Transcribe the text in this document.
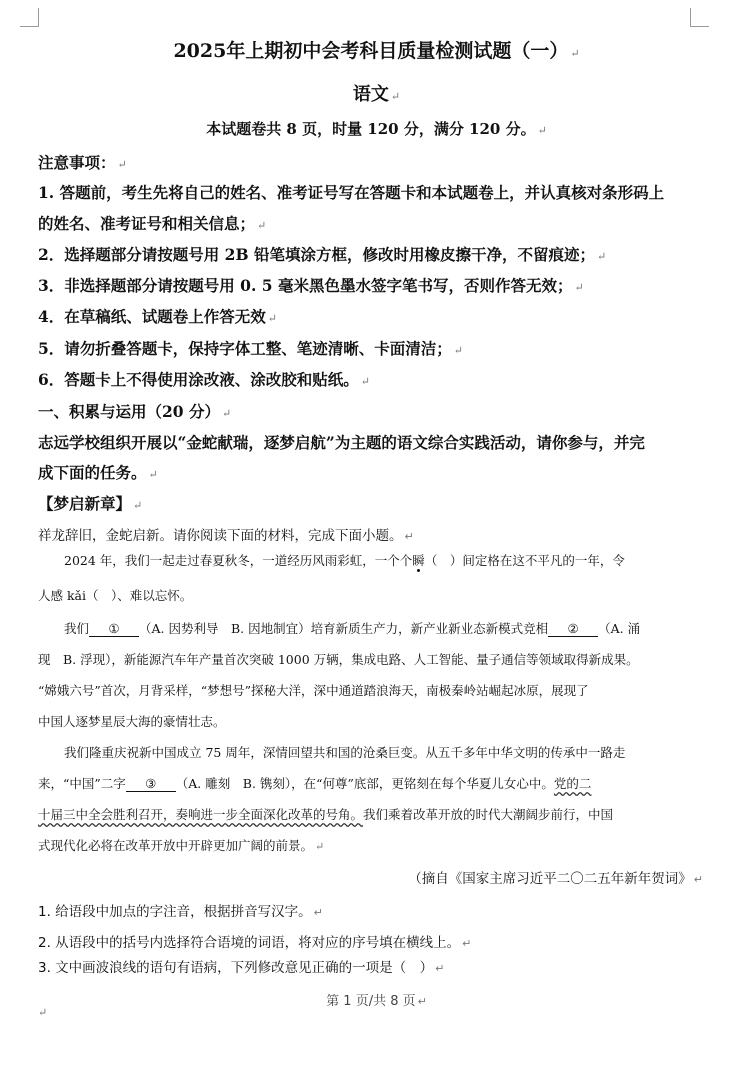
2025年上期初中会考科目质量检测试题（一） ↵
语文 ↵
本试题卷共 8 页，时量 120 分，满分 120 分。 ↵
注意事项： ↵
1. 答题前，考生先将自己的姓名、准考证号写在答题卡和本试题卷上，并认真核对条形码上
的姓名、准考证号和相关信息； ↵
2．选择题部分请按题号用 2B 铅笔填涂方框，修改时用橡皮擦干净，不留痕迹； ↵
3．非选择题部分请按题号用 0. 5 毫米黑色墨水签字笔书写，否则作答无效； ↵
4．在草稿纸、试题卷上作答无效 ↵
5．请勿折叠答题卡，保持字体工整、笔迹清晰、卡面清洁； ↵
6．答题卡上不得使用涂改液、涂改胶和贴纸。 ↵
一、积累与运用（20 分） ↵
志远学校组织开展以“金蛇献瑞，逐梦启航”为主题的语文综合实践活动，请你参与，并完
成下面的任务。 ↵
【梦启新章】 ↵
祥龙辞旧，金蛇启新。请你阅读下面的材料，完成下面小题。 ↵
2024 年，我们一起走过春夏秋冬，一道经历风雨彩虹，一个个瞬（　）间定格在这不平凡的一年，令
人感 kǎi（　）、难以忘怀。
我们 ① （A. 因势利导　B. 因地制宜）培育新质生产力，新产业新业态新模式竞相 ② （A. 涌
现　B. 浮现），新能源汽车年产量首次突破 1000 万辆，集成电路、人工智能、量子通信等领域取得新成果。
“嫦娥六号”首次，月背采样，“梦想号”探秘大洋，深中通道踏浪海天，南极秦岭站崛起冰原，展现了
中国人逐梦星辰大海的豪情壮志。
我们隆重庆祝新中国成立 75 周年，深情回望共和国的沧桑巨变。从五千多年中华文明的传承中一路走
来，“中国”二字 ③ （A. 雕刻　B. 镌刻），在“何尊”底部，更铭刻在每个华夏儿女心中。党的二
十届三中全会胜利召开，奏响进一步全面深化改革的号角。我们乘着改革开放的时代大潮阔步前行，中国
式现代化必将在改革开放中开辟更加广阔的前景。 ↵
（摘自《国家主席习近平二〇二五年新年贺词》 ↵
1. 给语段中加点的字注音，根据拼音写汉字。 ↵
2. 从语段中的括号内选择符合语境的词语，将对应的序号填在横线上。 ↵
3. 文中画波浪线的语句有语病，下列修改意见正确的一项是（　） ↵
第 1 页/共 8 页 ↵
↵
